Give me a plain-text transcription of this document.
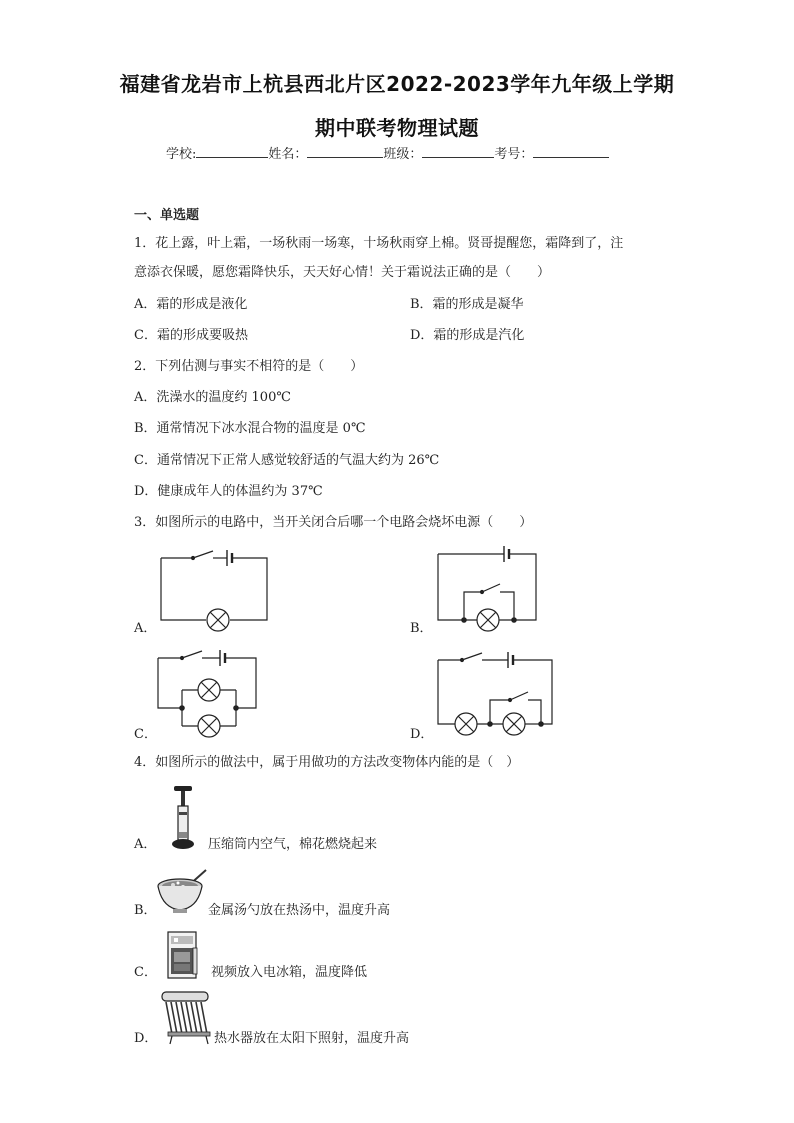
福建省龙岩市上杭县西北片区2022-2023学年九年级上学期
期中联考物理试题
学校:	姓名：	班级：	考号：
一、单选题
1．花上露，叶上霜，一场秋雨一场寒，十场秋雨穿上棉。贤哥提醒您，霜降到了，注
意添衣保暖，愿您霜降快乐，天天好心情！关于霜说法正确的是（　　）
A．霜的形成是液化	B．霜的形成是凝华
C．霜的形成要吸热	D．霜的形成是汽化
2．下列估测与事实不相符的是（　　）
A．洗澡水的温度约 100℃
B．通常情况下冰水混合物的温度是 0℃
C．通常情况下正常人感觉较舒适的气温大约为 26℃
D．健康成年人的体温约为 37℃
3．如图所示的电路中，当开关闭合后哪一个电路会烧坏电源（　　）
A．	B．
C．	D．
4．如图所示的做法中，属于用做功的方法改变物体内能的是（　）
A．	压缩筒内空气，棉花燃烧起来
B．	金属汤勺放在热汤中，温度升高
C．	视频放入电冰箱，温度降低
D．	热水器放在太阳下照射，温度升高
